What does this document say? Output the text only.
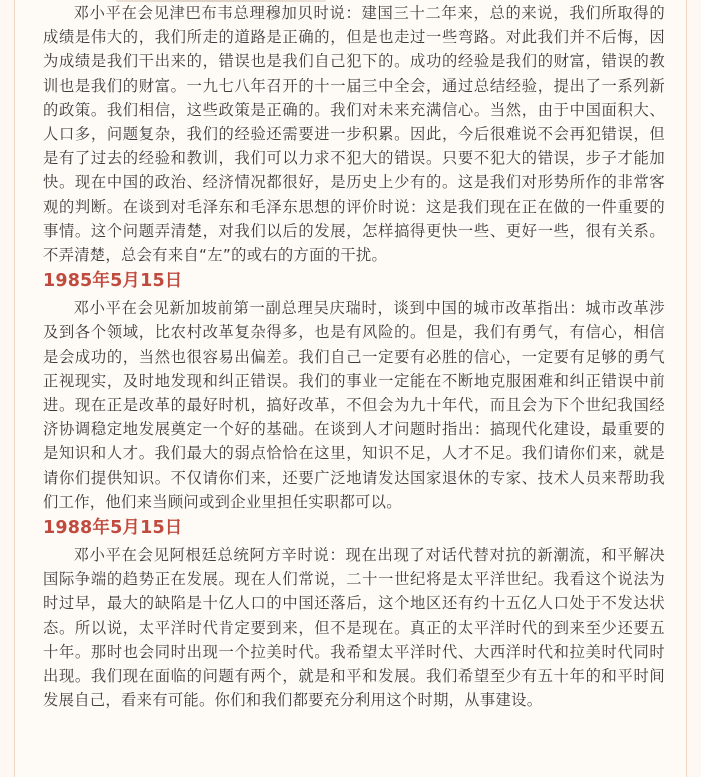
邓小平在会见津巴布韦总理穆加贝时说：建国三十二年来，总的来说，我们所取得的成绩是伟大的，我们所走的道路是正确的，但是也走过一些弯路。对此我们并不后悔，因为成绩是我们干出来的，错误也是我们自己犯下的。成功的经验是我们的财富，错误的教训也是我们的财富。一九七八年召开的十一届三中全会，通过总结经验，提出了一系列新的政策。我们相信，这些政策是正确的。我们对未来充满信心。当然，由于中国面积大、人口多，问题复杂，我们的经验还需要进一步积累。因此，今后很难说不会再犯错误，但是有了过去的经验和教训，我们可以力求不犯大的错误。只要不犯大的错误，步子才能加快。现在中国的政治、经济情况都很好，是历史上少有的。这是我们对形势所作的非常客观的判断。在谈到对毛泽东和毛泽东思想的评价时说：这是我们现在正在做的一件重要的事情。这个问题弄清楚，对我们以后的发展，怎样搞得更快一些、更好一些，很有关系。不弄清楚，总会有来自“左”的或右的方面的干扰。

1985年5月15日

邓小平在会见新加坡前第一副总理吴庆瑞时，谈到中国的城市改革指出：城市改革涉及到各个领域，比农村改革复杂得多，也是有风险的。但是，我们有勇气，有信心，相信是会成功的，当然也很容易出偏差。我们自己一定要有必胜的信心，一定要有足够的勇气正视现实，及时地发现和纠正错误。我们的事业一定能在不断地克服困难和纠正错误中前进。现在正是改革的最好时机，搞好改革，不但会为九十年代，而且会为下个世纪我国经济协调稳定地发展奠定一个好的基础。在谈到人才问题时指出：搞现代化建设，最重要的是知识和人才。我们最大的弱点恰恰在这里，知识不足，人才不足。我们请你们来，就是请你们提供知识。不仅请你们来，还要广泛地请发达国家退休的专家、技术人员来帮助我们工作，他们来当顾问或到企业里担任实职都可以。

1988年5月15日

邓小平在会见阿根廷总统阿方辛时说：现在出现了对话代替对抗的新潮流，和平解决国际争端的趋势正在发展。现在人们常说，二十一世纪将是太平洋世纪。我看这个说法为时过早，最大的缺陷是十亿人口的中国还落后，这个地区还有约十五亿人口处于不发达状态。所以说，太平洋时代肯定要到来，但不是现在。真正的太平洋时代的到来至少还要五十年。那时也会同时出现一个拉美时代。我希望太平洋时代、大西洋时代和拉美时代同时出现。我们现在面临的问题有两个，就是和平和发展。我们希望至少有五十年的和平时间发展自己，看来有可能。你们和我们都要充分利用这个时期，从事建设。
